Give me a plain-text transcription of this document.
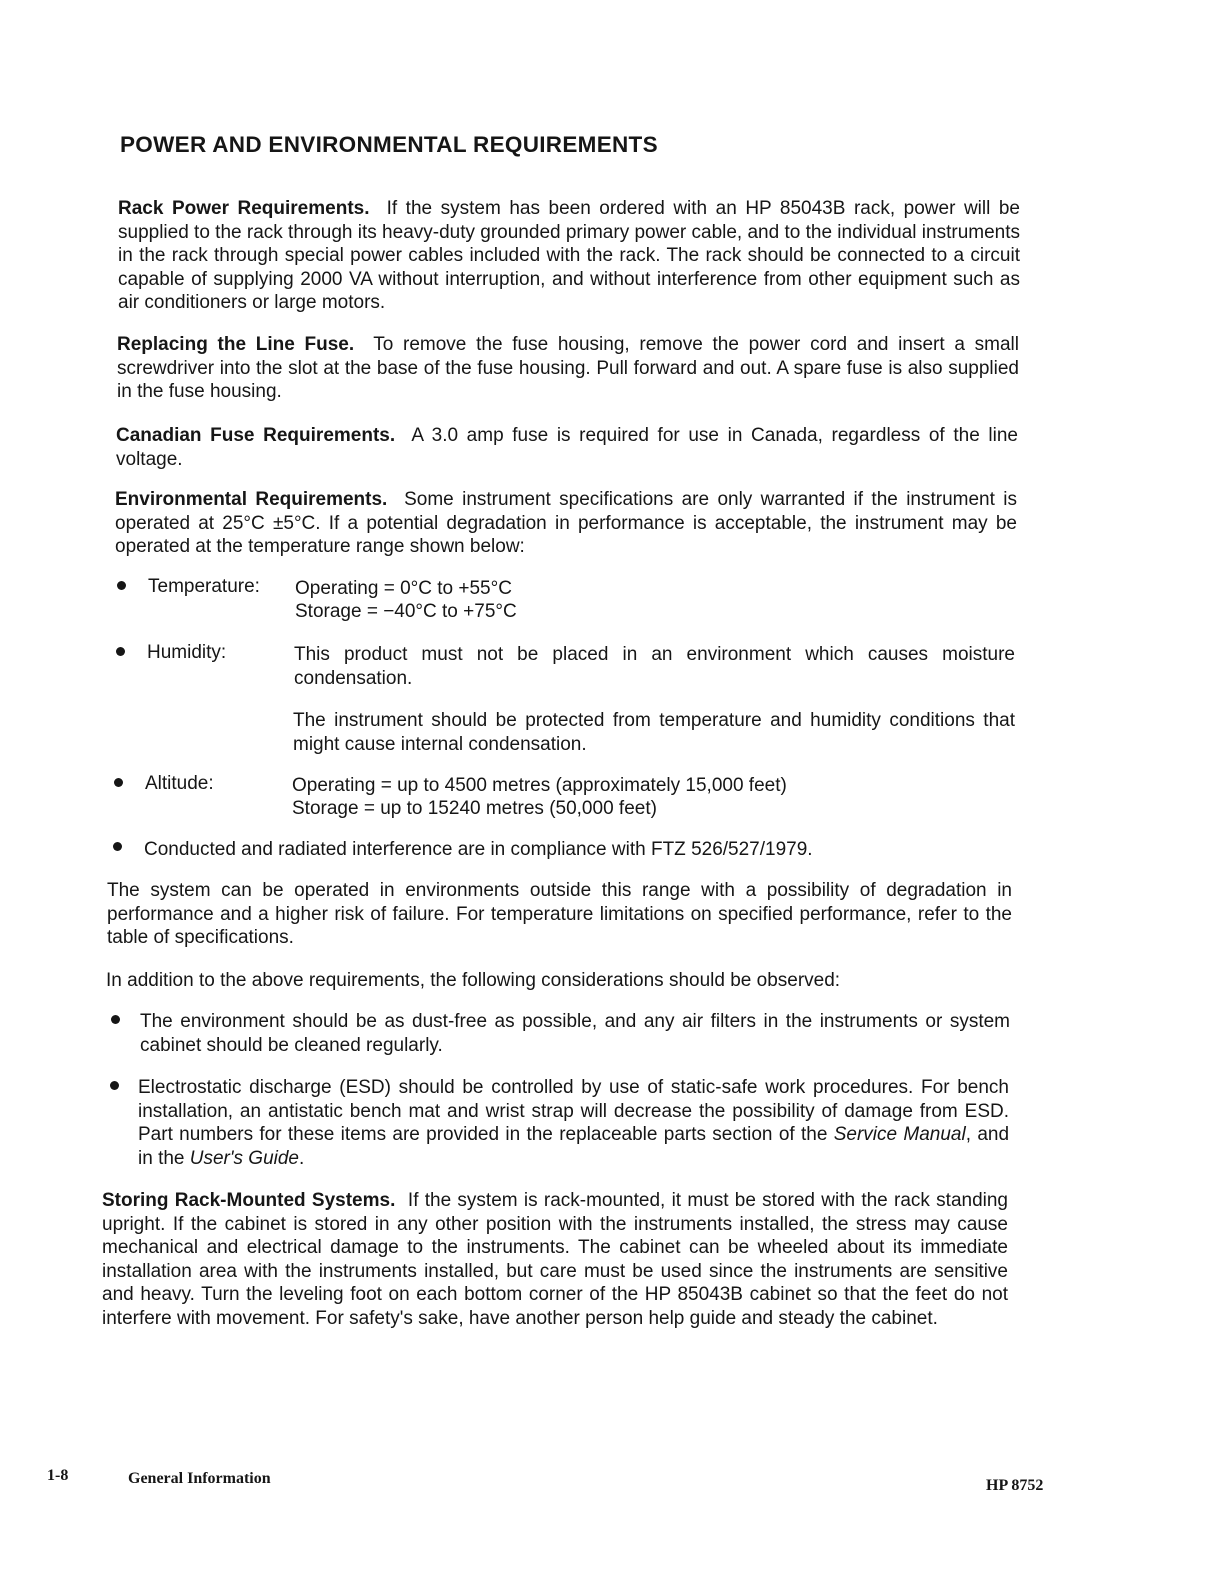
POWER AND ENVIRONMENTAL REQUIREMENTS
Rack Power Requirements. If the system has been ordered with an HP 85043B rack, power will be supplied to the rack through its heavy-duty grounded primary power cable, and to the individual instruments in the rack through special power cables included with the rack. The rack should be connected to a circuit capable of supplying 2000 VA without interruption, and without interference from other equipment such as air conditioners or large motors.
Replacing the Line Fuse. To remove the fuse housing, remove the power cord and insert a small screwdriver into the slot at the base of the fuse housing. Pull forward and out. A spare fuse is also supplied in the fuse housing.
Canadian Fuse Requirements. A 3.0 amp fuse is required for use in Canada, regardless of the line voltage.
Environmental Requirements. Some instrument specifications are only warranted if the instrument is operated at 25°C ±5°C. If a potential degradation in performance is acceptable, the instrument may be operated at the temperature range shown below:
Temperature: Operating = 0°C to +55°C
Storage = −40°C to +75°C
Humidity:	This product must not be placed in an environment which causes moisture condensation.
The instrument should be protected from temperature and humidity conditions that might cause internal condensation.
Altitude:	Operating = up to 4500 metres (approximately 15,000 feet)
Storage = up to 15240 metres (50,000 feet)
Conducted and radiated interference are in compliance with FTZ 526/527/1979.
The system can be operated in environments outside this range with a possibility of degradation in performance and a higher risk of failure. For temperature limitations on specified performance, refer to the table of specifications.
In addition to the above requirements, the following considerations should be observed:
The environment should be as dust-free as possible, and any air filters in the instruments or system cabinet should be cleaned regularly.
Electrostatic discharge (ESD) should be controlled by use of static-safe work procedures. For bench installation, an antistatic bench mat and wrist strap will decrease the possibility of damage from ESD. Part numbers for these items are provided in the replaceable parts section of the Service Manual, and in the User's Guide.
Storing Rack-Mounted Systems. If the system is rack-mounted, it must be stored with the rack standing upright. If the cabinet is stored in any other position with the instruments installed, the stress may cause mechanical and electrical damage to the instruments. The cabinet can be wheeled about its immediate installation area with the instruments installed, but care must be used since the instruments are sensitive and heavy. Turn the leveling foot on each bottom corner of the HP 85043B cabinet so that the feet do not interfere with movement. For safety's sake, have another person help guide and steady the cabinet.
1-8	General Information	HP 8752
